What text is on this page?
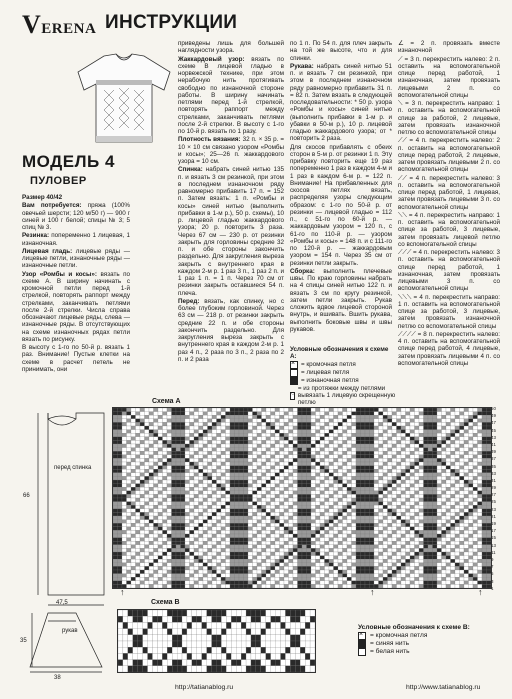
VERENA ИНСТРУКЦИИ
МОДЕЛЬ 4
ПУЛОВЕР

Размер 40/42

Вам потребуется: пряжа (100% овечьей шерсти; 120 м/50 г) — 900 г синей и 100 г белой; спицы № 3; 5 спиц № 3.

Резинка: попеременно 1 лицевая, 1 изнаночная.

Лицевая гладь: лицевые ряды — лицевые петли, изнаночные ряды — изнаночные петли.

Узор «Ромбы и косы»: вязать по схеме А. В ширину начинать с кромочной петли перед 1-й стрелкой, повторять раппорт между стрелками, заканчивать петлями после 2-й стрелки. Числа справа обозначают лицевые ряды, слева — изнаночные ряды. В отсутствующих на схеме изнаночных рядах петли вязать по рисунку.

В высоту с 1-го по 50-й р. вязать 1 раз. Внимание! Пустые клетки на схеме в расчет петель не принимать, они

приведены лишь для большей наглядности узора.

Жаккардовый узор: вязать по схеме В лицевой гладью в норвежской технике, при этом нерабочую нить протягивать свободно по изнаночной стороне работы. В ширину начинать петлями перед 1-й стрелкой, повторять раппорт между стрелками, заканчивать петлями после 2-й стрелки. В высоту с 1-го по 10-й р. вязать по 1 разу.

Плотность вязания: 32 п. × 35 р. = 10 × 10 см связано узором «Ромбы и косы»; 25—26 п. жаккардового узора = 10 см.

Спинка: набрать синей нитью 135 п. и вязать 3 см резинкой, при этом в последнем изнаночном ряду равномерно прибавить 17 п. = 152 п. Затем вязать: 1 п. «Ромбы и косы» синей нитью (выполнить прибавки в 1-м р.), 50 р. схемы), 10 р. лицевой гладью жаккардового узора; 20 р. повторить 3 раза. Через 67 см — 230 р. от резинки закрыть для горловины средние 32 п. и обе стороны закончить раздельно. Для закругления выреза закрыть с внутреннего края в каждом 2-м р. 1 раз 3 п., 1 раз 2 п. и 1 раз 1 п. = 1 п. Через 70 см от резинки закрыть оставшиеся 54 п. плеча.

Перед: вязать, как спинку, но с более глубоким горловиной. Через 63 см — 218 р. от резинки закрыть средние 22 п. и обе стороны закончить раздельно. Для закругления выреза закрыть с внутреннего края в каждом 2-м р. 1 раз 4 п., 2 раза по 3 п., 2 раза по 2 п. и 2 раза

по 1 п. По 54 п. для плеч закрыть на той же высоте, что и для спинки.

Рукава: набрать синей нитью 51 п. и вязать 7 см резинкой, при этом в последнем изнаночном ряду равномерно прибавить 31 п. = 82 п. Затем вязать в следующей последовательности: * 50 р. узора «Ромбы и косы» синей нитью (выполнить прибавки в 1-м р. и убавки в 50-м р.), 10 р. лицевой гладью жаккардового узора; от * повторить 2 раза.

Для скосов прибавлять с обеих сторон в 5-м р. от резинки 1 п. Эту прибавку повторить еще 19 раз попеременно 1 раз в каждом 4-м и 1 раз в каждом 6-м р. = 122 п. Внимание! На прибавленных для скосов петлях вязать, распределяя узоры следующим образом: с 1-го по 50-й р. от резинки — лицевой гладью = 112 п., с 51-го по 60-й р. — жаккардовым узором = 120 п., с 61-го по 110-й р. — узором «Ромбы и косы» = 148 п. и с 111-го по 120-й р. — жаккардовым узором = 154 п. Через 35 см от резинки петли закрыть.

Сборка: выполнить плечевые швы. По краю горловины набрать на 4 спицы синей нитью 122 п. и вязать 3 см по кругу резинкой, затем петли закрыть. Рукав сложить вдвое лицевой стороной внутрь, и вшивать. Вшить рукава, выполнить боковые швы и швы рукавов.

∠ = 2 п. провязать вместе изнаночной

⟋ = 3 п. перекрестить налево: 2 п. оставить на вспомогательной спице перед работой, 1 изнаночная, затем провязать лицевыми 2 п. со вспомогательной спицы

⟍ = 3 п. перекрестить направо: 1 п. оставить на вспомогательной спице за работой, 2 лицевые, затем провязать изнаночной петлю со вспомогательной спицы

⟋⟋ = 4 п. перекрестить налево: 2 п. оставить на вспомогательной спице перед работой, 2 лицевые, затем провязать лицевыми 2 п. со вспомогательной спицы

⟋⟋ = 4 п. перекрестить налево: 3 п. оставить на вспомогательной спице перед работой, 1 лицевая, затем провязать лицевыми 3 п. со вспомогательной спицы

⟍⟍ = 4 п. перекрестить направо: 1 п. оставить на вспомогательной спице за работой, 3 лицевые, затем провязать лицевой петлю со вспомогательной спицы

⟋⟋⟋ = 4 п. перекрестить налево: 3 п. оставить на вспомогательной спице перед работой, 1 изнаночная, затем провязать лицевыми 3 п. со вспомогательной спицы

⟍⟍⟍ = 4 п. перекрестить направо: 1 п. оставить на вспомогательной спице за работой, 3 лицевые, затем провязать изнаночной петлю со вспомогательной спицы

⟋⟋⟋⟋ = 8 п. перекрестить налево: 4 п. оставить на вспомогательной спице перед работой, 4 лицевые, затем провязать лицевыми 4 п. со вспомогательной спицы

Условные обозначения к схеме А:
×
= кромочная петля
= лицевая петля
= изнаночная петля
○
= из протяжки между петлями вывязать 1 лицевую скрещенную петлю
Схема А
50

49

47

45

43

41

39

37

35

33

31

29

27

25

23

21

19

17

15

13

11

9

7

5

3

1
↑	↑	↑
перед спинка
рукав
66
47,5
35
38
Схема В
Условные обозначения к схеме В:
×
= кромочная петля
= синяя нить
= белая нить
http://tatianablog.ru	http://www.tatianablog.ru
